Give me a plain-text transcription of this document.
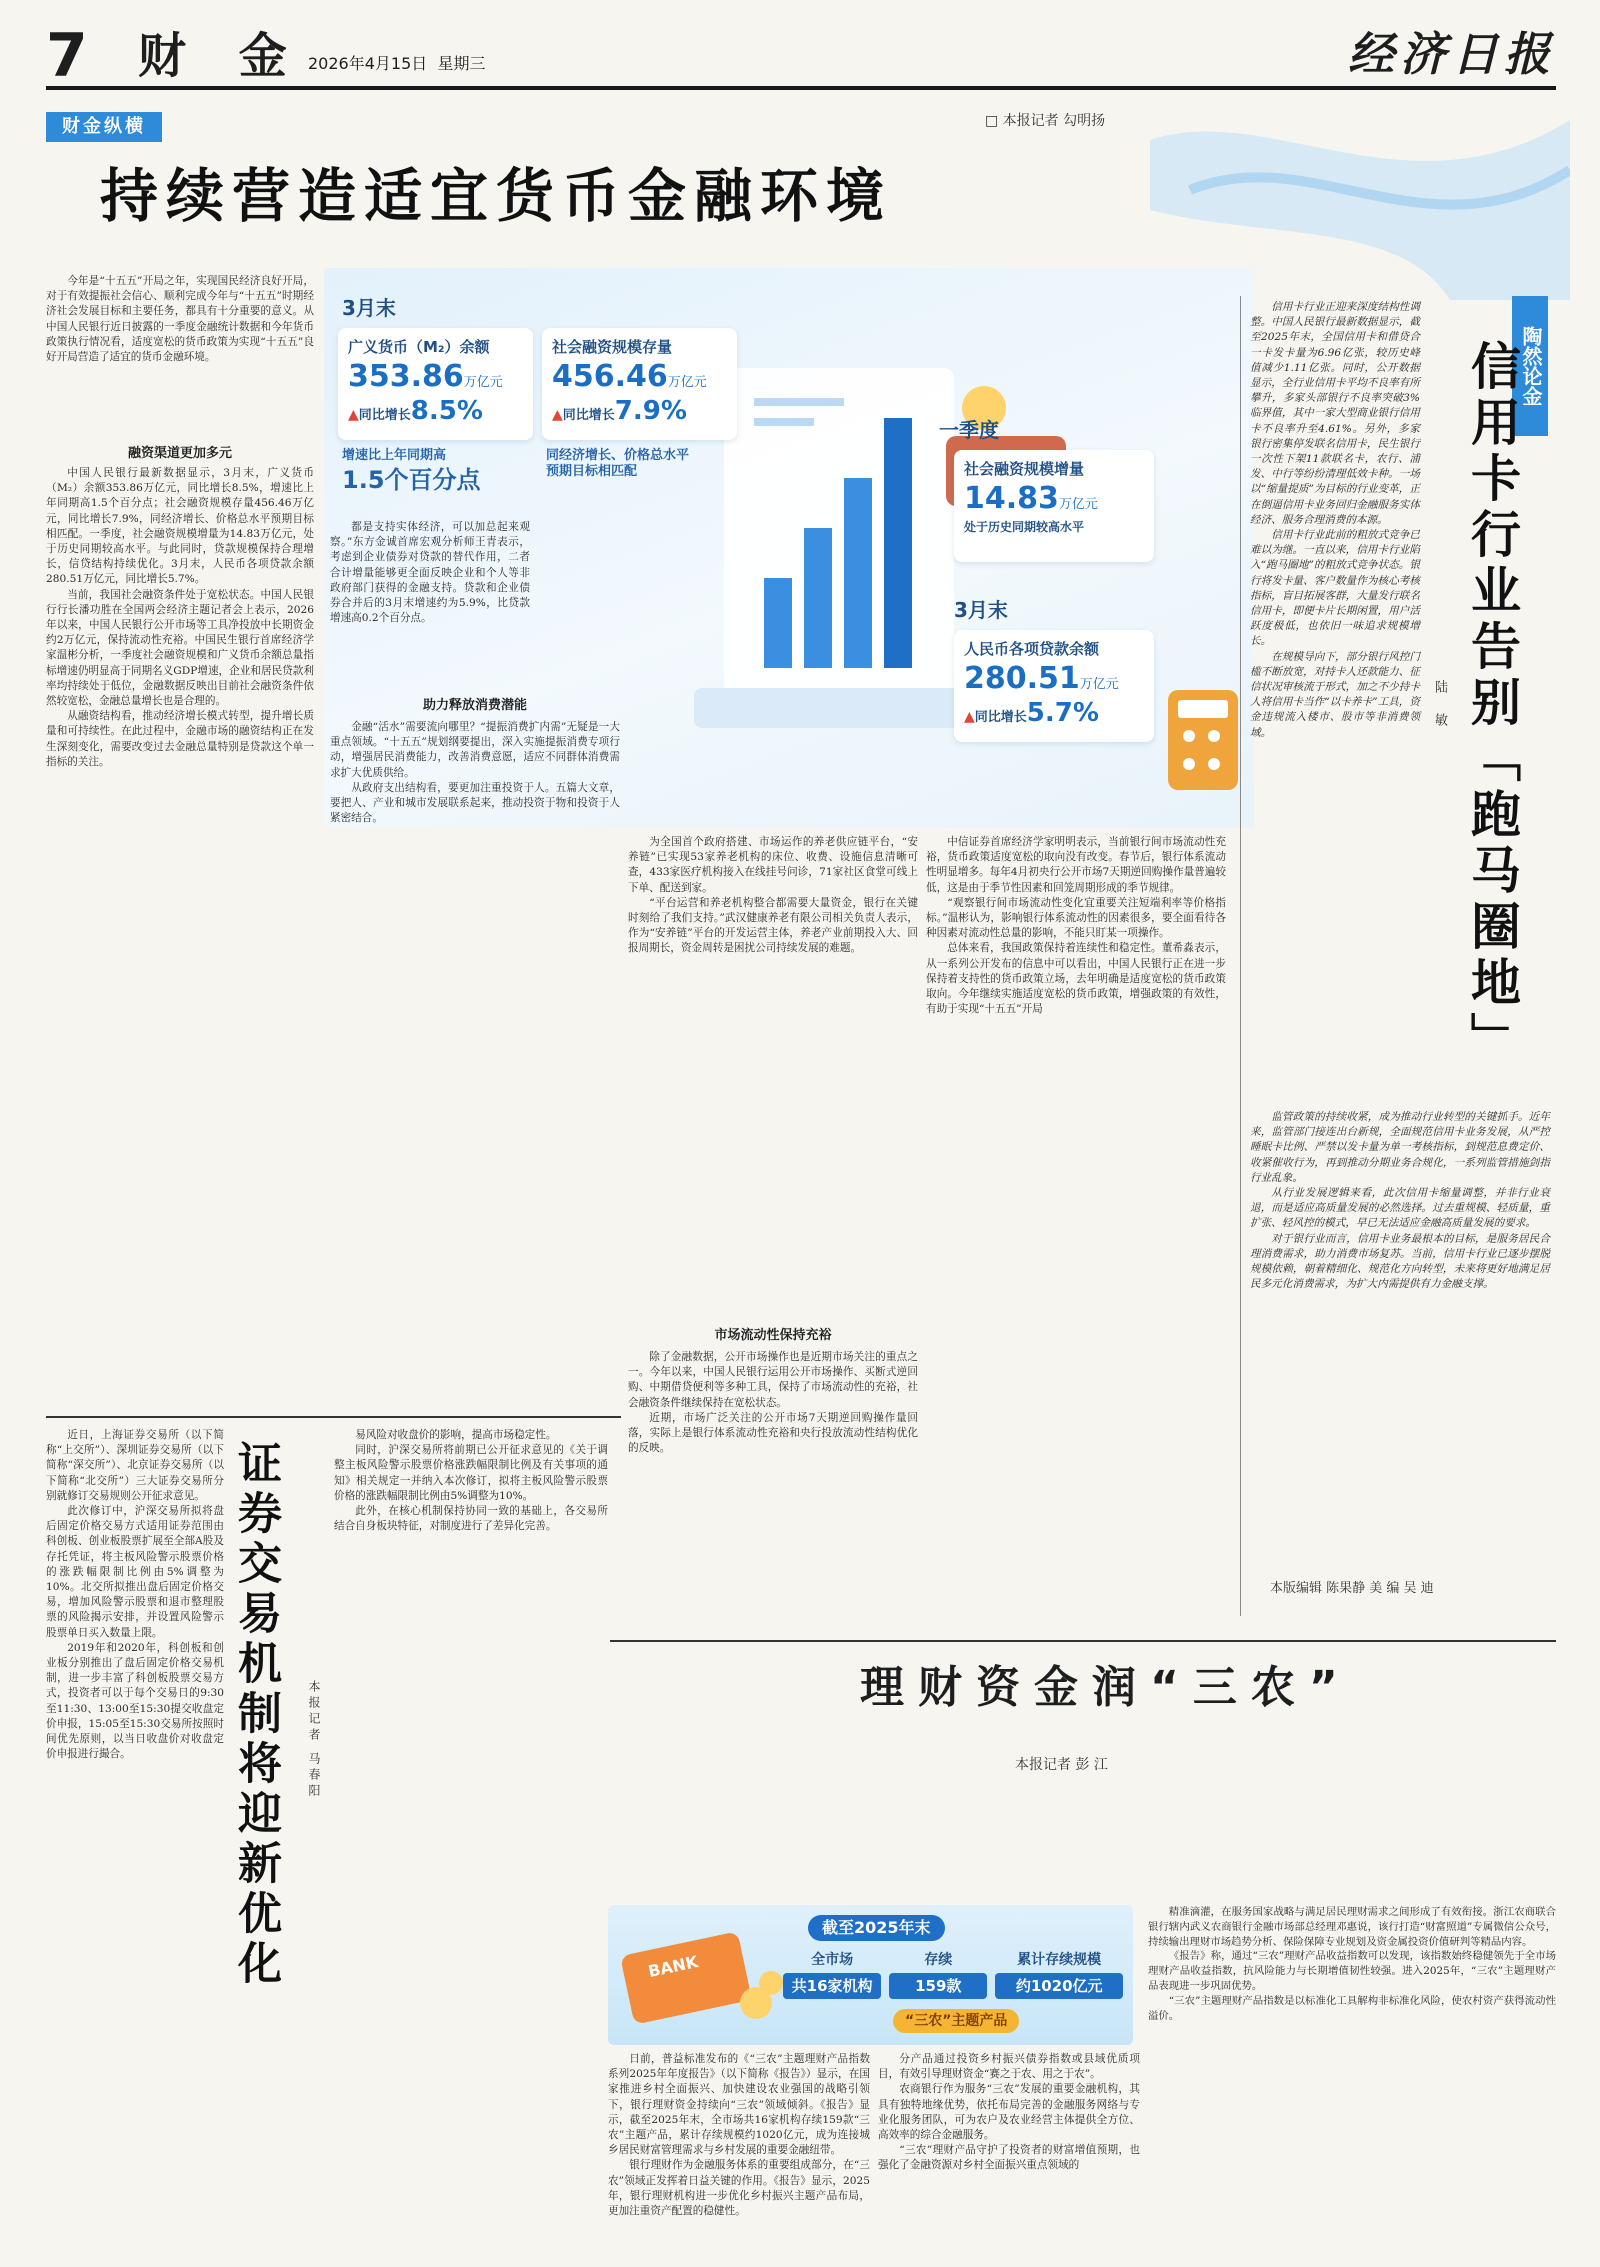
7 财 金 2026年4月15日 星期三	经济日报
财金纵横	□ 本报记者 勾明扬
持续营造适宜货币金融环境

今年是“十五五”开局之年，实现国民经济良好开局，对于有效提振社会信心、顺利完成今年与“十五五”时期经济社会发展目标和主要任务，都具有十分重要的意义。从中国人民银行近日披露的一季度金融统计数据和今年货币政策执行情况看，适度宽松的货币政策为实现“十五五”良好开局营造了适宜的货币金融环境。

融资渠道更加多元

中国人民银行最新数据显示，3月末，广义货币（M₂）余额353.86万亿元，同比增长8.5%，增速比上年同期高1.5个百分点；社会融资规模存量456.46万亿元，同比增长7.9%，同经济增长、价格总水平预期目标相匹配。一季度，社会融资规模增量为14.83万亿元，处于历史同期较高水平。与此同时，贷款规模保持合理增长，信贷结构持续优化。3月末，人民币各项贷款余额280.51万亿元，同比增长5.7%。

当前，我国社会融资条件处于宽松状态。中国人民银行行长潘功胜在全国两会经济主题记者会上表示，2026年以来，中国人民银行公开市场等工具净投放中长期资金约2万亿元，保持流动性充裕。中国民生银行首席经济学家温彬分析，一季度社会融资规模和广义货币余额总量指标增速仍明显高于同期名义GDP增速，企业和居民贷款利率均持续处于低位，金融数据反映出目前社会融资条件依然较宽松，金融总量增长也是合理的。

从融资结构看，推动经济增长模式转型，提升增长质量和可持续性。在此过程中，金融市场的融资结构正在发生深刻变化，需要改变过去金融总量特别是贷款这个单一指标的关注。

3月末
广义货币（M₂）余额
353.86万亿元
▲同比增长8.5%
增速比上年同期高
1.5个百分点
社会融资规模存量
456.46万亿元
▲同比增长7.9%
同经济增长、价格总水平预期目标相匹配
一季度
社会融资规模增量
14.83万亿元
处于历史同期较高水平
3月末
人民币各项贷款余额
280.51万亿元
▲同比增长5.7%

都是支持实体经济，可以加总起来观察。”东方金诚首席宏观分析师王青表示，考虑到企业债券对贷款的替代作用，二者合计增量能够更全面反映企业和个人等非政府部门获得的金融支持。贷款和企业债券合并后的3月末增速约为5.9%，比贷款增速高0.2个百分点。

助力释放消费潜能

金融“活水”需要流向哪里？“提振消费扩内需”无疑是一大重点领域。“十五五”规划纲要提出，深入实施提振消费专项行动，增强居民消费能力，改善消费意愿，适应不同群体消费需求扩大优质供给。

从政府支出结构看，要更加注重投资于人。五篇大文章，要把人、产业和城市发展联系起来，推动投资于物和投资于人紧密结合。

为全国首个政府搭建、市场运作的养老供应链平台，“安养链”已实现53家养老机构的床位、收费、设施信息清晰可查，433家医疗机构接入在线挂号问诊，71家社区食堂可线上下单、配送到家。

“平台运营和养老机构整合都需要大量资金，银行在关键时刻给了我们支持。”武汉健康养老有限公司相关负责人表示，作为“安养链”平台的开发运营主体，养老产业前期投入大、回报周期长，资金周转是困扰公司持续发展的难题。

市场流动性保持充裕

除了金融数据，公开市场操作也是近期市场关注的重点之一。今年以来，中国人民银行运用公开市场操作、买断式逆回购、中期借贷便利等多种工具，保持了市场流动性的充裕，社会融资条件继续保持在宽松状态。

近期，市场广泛关注的公开市场7天期逆回购操作量回落，实际上是银行体系流动性充裕和央行投放流动性结构优化的反映。

中信证券首席经济学家明明表示，当前银行间市场流动性充裕，货币政策适度宽松的取向没有改变。春节后，银行体系流动性明显增多。每年4月初央行公开市场7天期逆回购操作量普遍较低，这是由于季节性因素和回笼周期形成的季节规律。

“观察银行间市场流动性变化宜重要关注短端利率等价格指标。”温彬认为，影响银行体系流动性的因素很多，要全面看待各种因素对流动性总量的影响，不能只盯某一项操作。

总体来看，我国政策保持着连续性和稳定性。董希淼表示，从一系列公开发布的信息中可以看出，中国人民银行正在进一步保持着支持性的货币政策立场，去年明确是适度宽松的货币政策取向。今年继续实施适度宽松的货币政策，增强政策的有效性，有助于实现“十五五”开局

陶然论金
信用卡行业告别「跑马圈地」
陆 敏

信用卡行业正迎来深度结构性调整。中国人民银行最新数据显示，截至2025年末，全国信用卡和借贷合一卡发卡量为6.96亿张，较历史峰值减少1.11亿张。同时，公开数据显示，全行业信用卡平均不良率有所攀升，多家头部银行不良率突破3%临界值，其中一家大型商业银行信用卡不良率升至4.61%。另外，多家银行密集停发联名信用卡，民生银行一次性下架11款联名卡，农行、浦发、中行等纷纷清理低效卡种。一场以“缩量提质”为目标的行业变革，正在倒逼信用卡业务回归金融服务实体经济、服务合理消费的本源。

信用卡行业此前的粗放式竞争已难以为继。一直以来，信用卡行业陷入“跑马圈地”的粗放式竞争状态。银行将发卡量、客户数量作为核心考核指标，盲目拓展客群，大量发行联名信用卡，即便卡片长期闲置，用户活跃度极低，也依旧一味追求规模增长。

在规模导向下，部分银行风控门槛不断放宽，对持卡人还款能力、征信状况审核流于形式，加之不少持卡人将信用卡当作“以卡养卡”工具，资金违规流入楼市、股市等非消费领域。

监管政策的持续收紧，成为推动行业转型的关键抓手。近年来，监管部门接连出台新规，全面规范信用卡业务发展，从严控睡眠卡比例、严禁以发卡量为单一考核指标，到规范息费定价、收紧催收行为，再到推动分期业务合规化，一系列监管措施剑指行业乱象。

从行业发展逻辑来看，此次信用卡缩量调整，并非行业衰退，而是适应高质量发展的必然选择。过去重规模、轻质量，重扩张、轻风控的模式，早已无法适应金融高质量发展的要求。

对于银行业而言，信用卡业务最根本的目标，是服务居民合理消费需求，助力消费市场复苏。当前，信用卡行业已逐步摆脱规模依赖，朝着精细化、规范化方向转型，未来将更好地满足居民多元化消费需求，为扩大内需提供有力金融支撑。

本版编辑 陈果静 美 编 吴 迪

近日，上海证券交易所（以下简称“上交所”）、深圳证券交易所（以下简称“深交所”）、北京证券交易所（以下简称“北交所”）三大证券交易所分别就修订交易规则公开征求意见。

此次修订中，沪深交易所拟将盘后固定价格交易方式适用证券范围由科创板、创业板股票扩展至全部A股及存托凭证，将主板风险警示股票价格的涨跌幅限制比例由5%调整为10%。北交所拟推出盘后固定价格交易，增加风险警示股票和退市整理股票的风险揭示安排，并设置风险警示股票单日买入数量上限。

2019年和2020年，科创板和创业板分别推出了盘后固定价格交易机制，进一步丰富了科创板股票交易方式，投资者可以于每个交易日的9:30至11:30、13:00至15:30提交收盘定价申报，15:05至15:30交易所按照时间优先原则，以当日收盘价对收盘定价申报进行撮合。	证券交易机制将迎新优化 本报记者 马春阳

易风险对收盘价的影响，提高市场稳定性。

同时，沪深交易所将前期已公开征求意见的《关于调整主板风险警示股票价格涨跌幅限制比例及有关事项的通知》相关规定一并纳入本次修订，拟将主板风险警示股票价格的涨跌幅限制比例由5%调整为10%。

此外，在核心机制保持协同一致的基础上，各交易所结合自身板块特征，对制度进行了差异化完善。

理财资金润“三农”
本报记者 彭 江
BANK
截至2025年末
全市场
共16家机构
存续
159款
累计存续规模
约1020亿元
“三农”主题产品

日前，普益标准发布的《“三农”主题理财产品指数系列2025年年度报告》（以下简称《报告》）显示，在国家推进乡村全面振兴、加快建设农业强国的战略引领下，银行理财资金持续向“三农”领域倾斜。《报告》显示，截至2025年末，全市场共16家机构存续159款“三农”主题产品，累计存续规模约1020亿元，成为连接城乡居民财富管理需求与乡村发展的重要金融纽带。

银行理财作为金融服务体系的重要组成部分，在“三农”领域正发挥着日益关键的作用。《报告》显示，2025年，银行理财机构进一步优化乡村振兴主题产品布局，更加注重资产配置的稳健性。

分产品通过投资乡村振兴债券指数或县域优质项目，有效引导理财资金“赛之于农、用之于农”。

农商银行作为服务“三农”发展的重要金融机构，其具有独特地缘优势，依托布局完善的金融服务网络与专业化服务团队，可为农户及农业经营主体提供全方位、高效率的综合金融服务。

“三农”理财产品守护了投资者的财富增值预期，也强化了金融资源对乡村全面振兴重点领域的

精准滴灌，在服务国家战略与满足居民理财需求之间形成了有效衔接。浙江农商联合银行辖内武义农商银行金融市场部总经理邓惠说，该行打造“财富照道”专属微信公众号，持续输出理财市场趋势分析、保险保障专业规划及资金属投资价值研判等精品内容。

《报告》称，通过“三农”理财产品收益指数可以发现，该指数始终稳健领先于全市场理财产品收益指数，抗风险能力与长期增值韧性较强。进入2025年，“三农”主题理财产品表现进一步巩固优势。

“三农”主题理财产品指数是以标准化工具解构非标准化风险，使农村资产获得流动性溢价。
